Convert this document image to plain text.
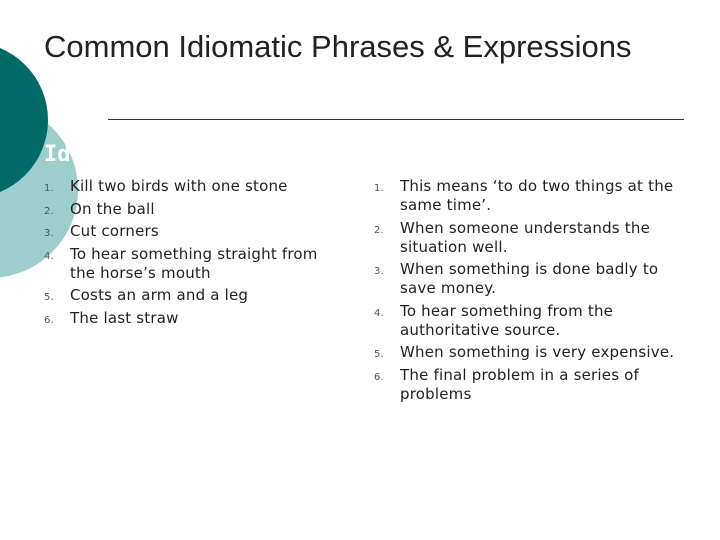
Common Idiomatic Phrases & Expressions
Id
1. Kill two birds with one stone
2. On the ball
3. Cut corners
4. To hear something straight from the horse’s mouth
5. Costs an arm and a leg
6. The last straw
1. This means ‘to do two things at the same time’.
2. When someone understands the situation well.
3. When something is done badly to save money.
4. To hear something from the authoritative source.
5. When something is very expensive.
6. The final problem in a series of problems
